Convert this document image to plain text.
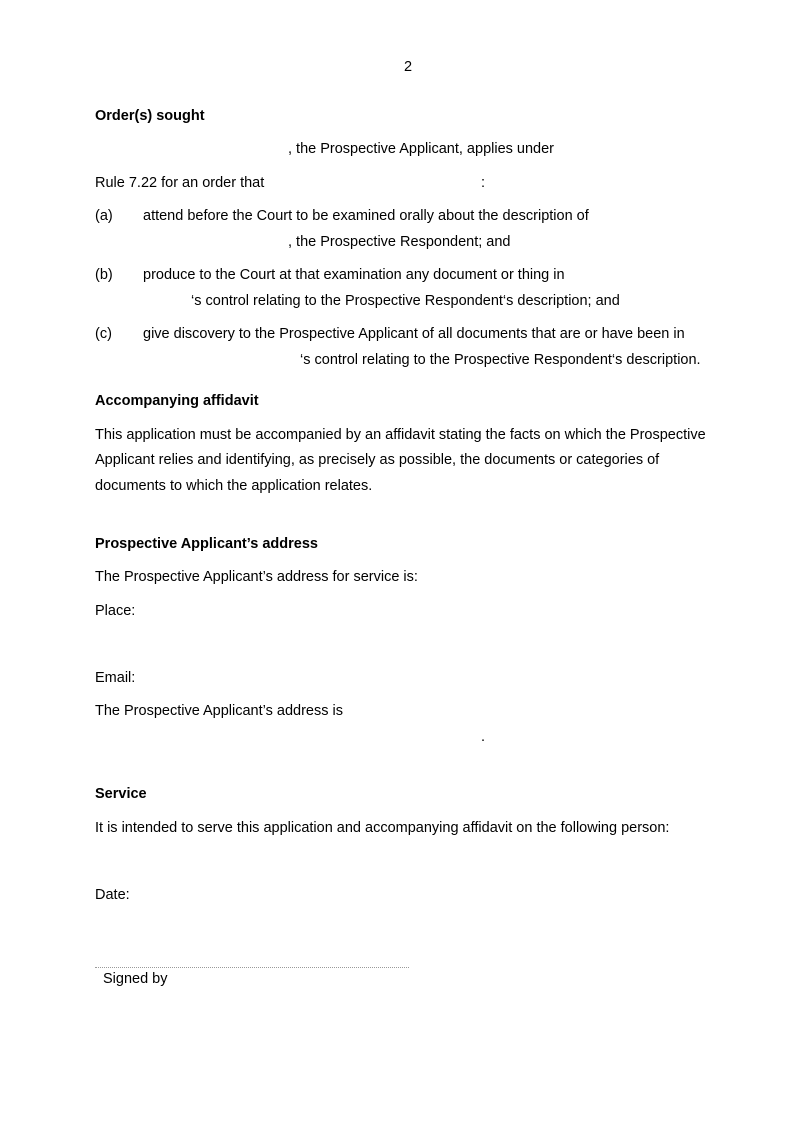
2
Order(s) sought
, the Prospective Applicant, applies under
Rule 7.22 for an order that	:
(a) attend before the Court to be examined orally about the description of
, the Prospective Respondent; and
(b) produce to the Court at that examination any document or thing in
‘s control relating to the Prospective Respondent‘s description; and
(c) give discovery to the Prospective Applicant of all documents that are or have been in
‘s control relating to the Prospective Respondent‘s description.
Accompanying affidavit
This application must be accompanied by an affidavit stating the facts on which the Prospective
Applicant relies and identifying, as precisely as possible, the documents or categories of
documents to which the application relates.
Prospective Applicant’s address
The Prospective Applicant’s address for service is:
Place:
Email:
The Prospective Applicant’s address is
.
Service
It is intended to serve this application and accompanying affidavit on the following person:
Date:
Signed by
